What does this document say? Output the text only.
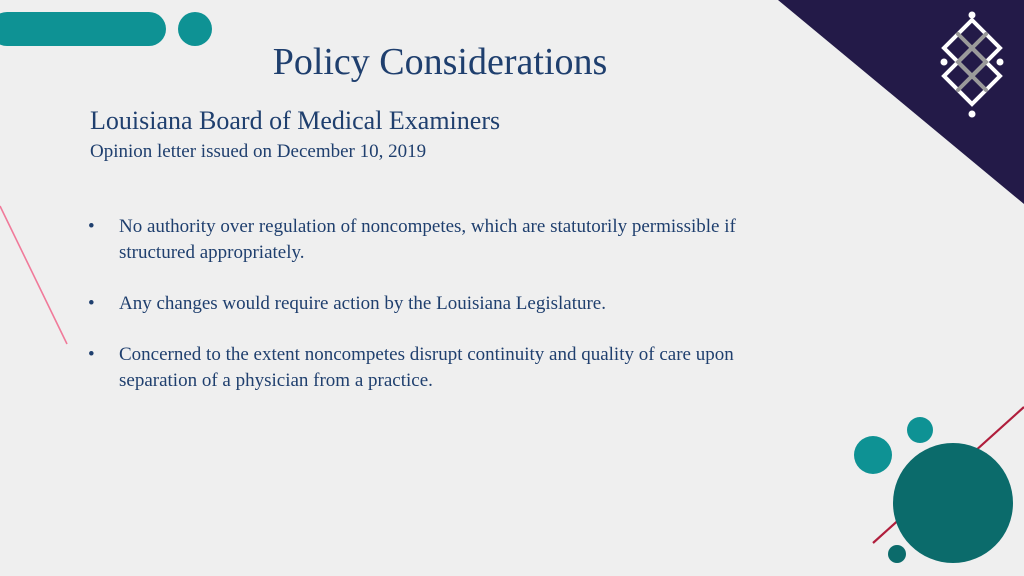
Policy Considerations
Louisiana Board of Medical Examiners
Opinion letter issued on December 10, 2019
• No authority over regulation of noncompetes, which are statutorily permissible if structured appropriately.
• Any changes would require action by the Louisiana Legislature.
• Concerned to the extent noncompetes disrupt continuity and quality of care upon separation of a physician from a practice.
